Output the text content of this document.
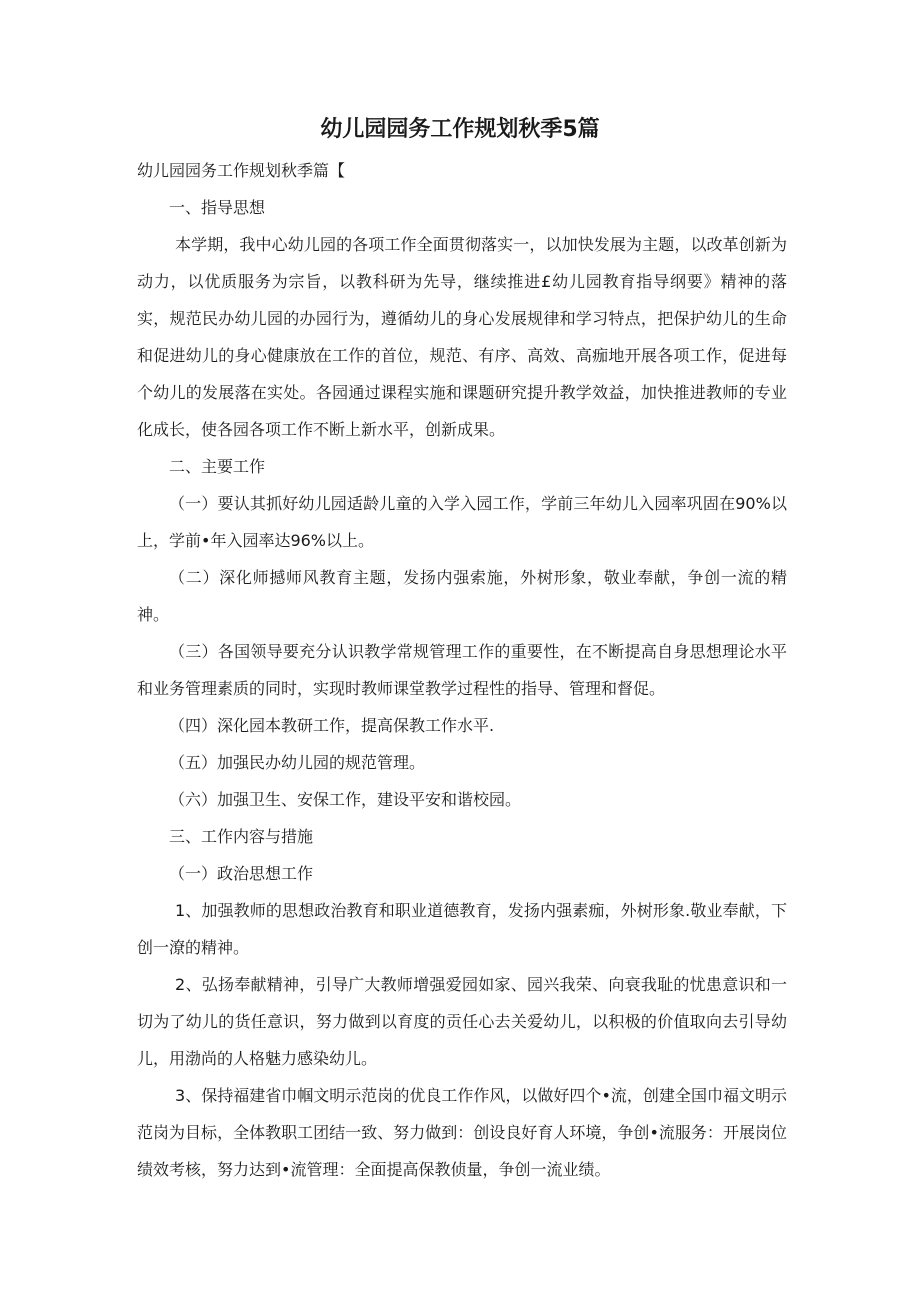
幼儿园园务工作规划秋季5篇

幼儿园园务工作规划秋季篇【

一、指导思想

本学期，我中心幼儿园的各项工作全面贯彻落实一，以加快发展为主题，以改革创新为动力，以优质服务为宗旨，以教科研为先导，继续推进£幼儿园教育指导纲要》精神的落实，规范民办幼儿园的办园行为，遵循幼儿的身心发展规律和学习特点，把保护幼儿的生命和促进幼儿的身心健康放在工作的首位，规范、有序、高效、高痂地开展各项工作，促进每个幼儿的发展落在实处。各园通过课程实施和课题研究提升教学效益，加快推进教师的专业化成长，使各园各项工作不断上新水平，创新成果。

二、主要工作

（一）要认其抓好幼儿园适龄儿童的入学入园工作，学前三年幼儿入园率巩固在90%以上，学前•年入园率达96%以上。

（二）深化师撼师风教育主题，发扬内强索施，外树形象，敬业奉献，争创一流的精神。

（三）各国领导要充分认识教学常规管理工作的重要性，在不断提高自身思想理论水平和业务管理素质的同时，实现时教师课堂教学过程性的指导、管理和督促。

（四）深化园本教研工作，提高保教工作水平.

（五）加强民办幼儿园的规范管理。

（六）加强卫生、安保工作，建设平安和谐校园。

三、工作内容与措施

（一）政治思想工作

1、加强教师的思想政治教育和职业道德教育，发扬内强素痂，外树形象.敬业奉献，下创一潦的精神。

2、弘扬奉献精神，引导广大教师增强爱园如家、园兴我荣、向衰我耻的忧患意识和一切为了幼儿的货任意识，努力做到以育度的贡任心去关爱幼儿，以积极的价值取向去引导幼儿，用渤尚的人格魅力感染幼儿。

3、保持福建省巾帼文明示范岗的优良工作作风，以做好四个•流，创建全国巾福文明示范岗为目标，全体教职工团结一致、努力做到：创设良好育人环境，争创•流服务：开展岗位绩效考核，努力达到•流管理：全面提高保教侦量，争创一流业绩。
